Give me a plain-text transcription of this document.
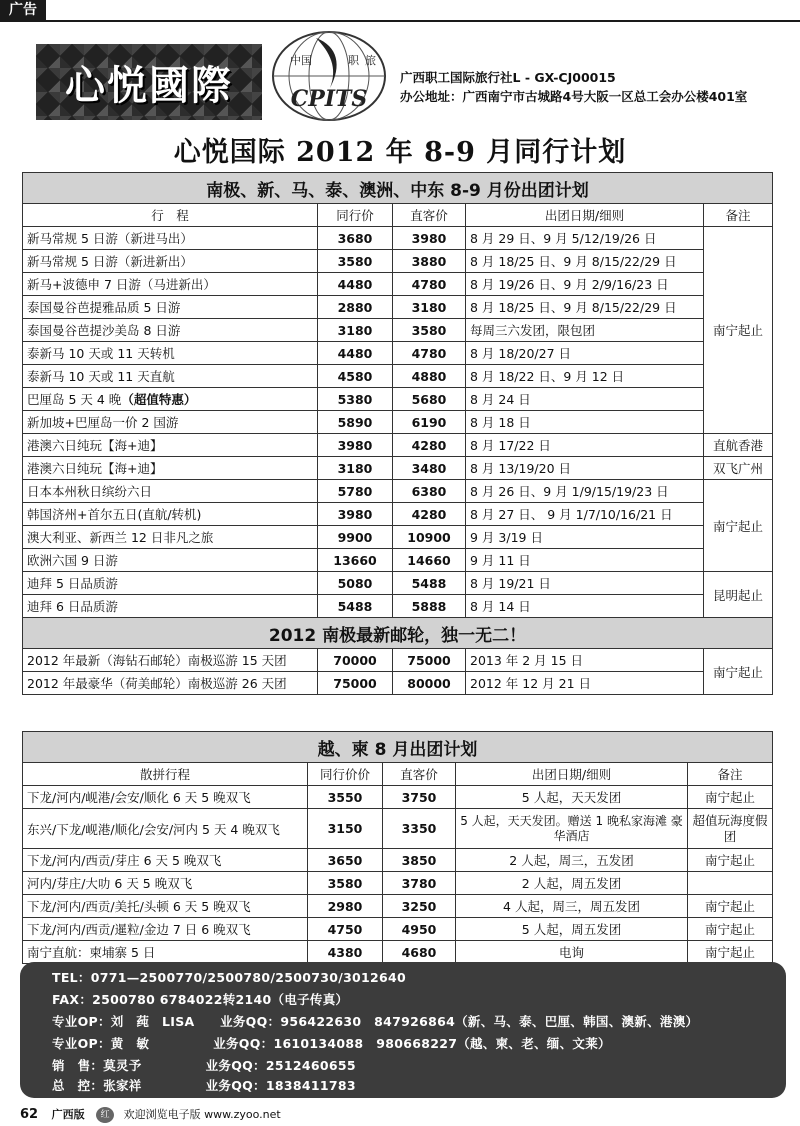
广告
心悦國際
中国	职 旅
CPITS
广西职工国际旅行社L - GX-CJ00015
办公地址：广西南宁市古城路4号大阪一区总工会办公楼401室
心悦国际 2012 年 8-9 月同行计划
南极、新、马、泰、澳洲、中东 8-9 月份出团计划				
行　程	同行价	直客价	出团日期/细则	备注
新马常规 5 日游（新进马出）	3680	3980	8 月 29 日、9 月 5/12/19/26 日	南宁起止
新马常规 5 日游（新进新出）	3580	3880	8 月 18/25 日、9 月 8/15/22/29 日	
新马+波德申 7 日游（马进新出）	4480	4780	8 月 19/26 日、9 月 2/9/16/23 日	
泰国曼谷芭提雅品质 5 日游	2880	3180	8 月 18/25 日、9 月 8/15/22/29 日	
泰国曼谷芭提沙美岛 8 日游	3180	3580	每周三六发团，限包团	
泰新马 10 天或 11 天转机	4480	4780	8 月 18/20/27 日	
泰新马 10 天或 11 天直航	4580	4880	8 月 18/22 日、9 月 12 日	
巴厘岛 5 天 4 晚（超值特惠）	5380	5680	8 月 24 日	
新加坡+巴厘岛一价 2 国游	5890	6190	8 月 18 日	
港澳六日纯玩【海+迪】	3980	4280	8 月 17/22 日	直航香港
港澳六日纯玩【海+迪】	3180	3480	8 月 13/19/20 日	双飞广州
日本本州秋日缤纷六日	5780	6380	8 月 26 日、9 月 1/9/15/19/23 日	南宁起止
韩国济州+首尔五日(直航/转机)	3980	4280	8 月 27 日、 9 月 1/7/10/16/21 日	
澳大利亚、新西兰 12 日非凡之旅	9900	10900	9 月 3/19 日	
欧洲六国 9 日游	13660	14660	9 月 11 日	
迪拜 5 日品质游	5080	5488	8 月 19/21 日	昆明起止
迪拜 6 日品质游	5488	5888	8 月 14 日	
2012 南极最新邮轮，独一无二！				
2012 年最新（海钻石邮轮）南极巡游 15 天团	70000	75000	2013 年 2 月 15 日	南宁起止
2012 年最豪华（荷美邮轮）南极巡游 26 天团	75000	80000	2012 年 12 月 21 日	
越、柬 8 月出团计划				
散拼行程	同行价价	直客价	出团日期/细则	备注
下龙/河内/岘港/会安/顺化 6 天 5 晚双飞	3550	3750	5 人起，天天发团	南宁起止
东兴/下龙/岘港/顺化/会安/河内 5 天 4 晚双飞	3150	3350	5 人起，天天发团。赠送 1 晚私家海滩 豪华酒店	超值玩海度假团
下龙/河内/西贡/芽庄 6 天 5 晚双飞	3650	3850	2 人起，周三，五发团	南宁起止
河内/芽庄/大叻 6 天 5 晚双飞	3580	3780	2 人起，周五发团	
下龙/河内/西贡/美托/头顿 6 天 5 晚双飞	2980	3250	4 人起，周三，周五发团	南宁起止
下龙/河内/西贡/暹粒/金边 7 日 6 晚双飞	4750	4950	5 人起，周五发团	南宁起止
南宁直航：柬埔寨 5 日	4380	4680	电询	南宁起止
TEL：0771—2500770/2500780/2500730/3012640
FAX：2500780 6784022转2140（电子传真）
专业OP：刘　莼　LISA　　业务QQ：956422630　847926864（新、马、泰、巴厘、韩国、澳新、港澳）
专业OP：黄　敏　　　　　业务QQ：1610134088　980668227（越、柬、老、缅、文莱）
销　售：莫灵予　　　　　业务QQ：2512460655
总　控：张家祥　　　　　业务QQ：1838411783
62 广西版 红 欢迎浏览电子版 www.zyoo.net
